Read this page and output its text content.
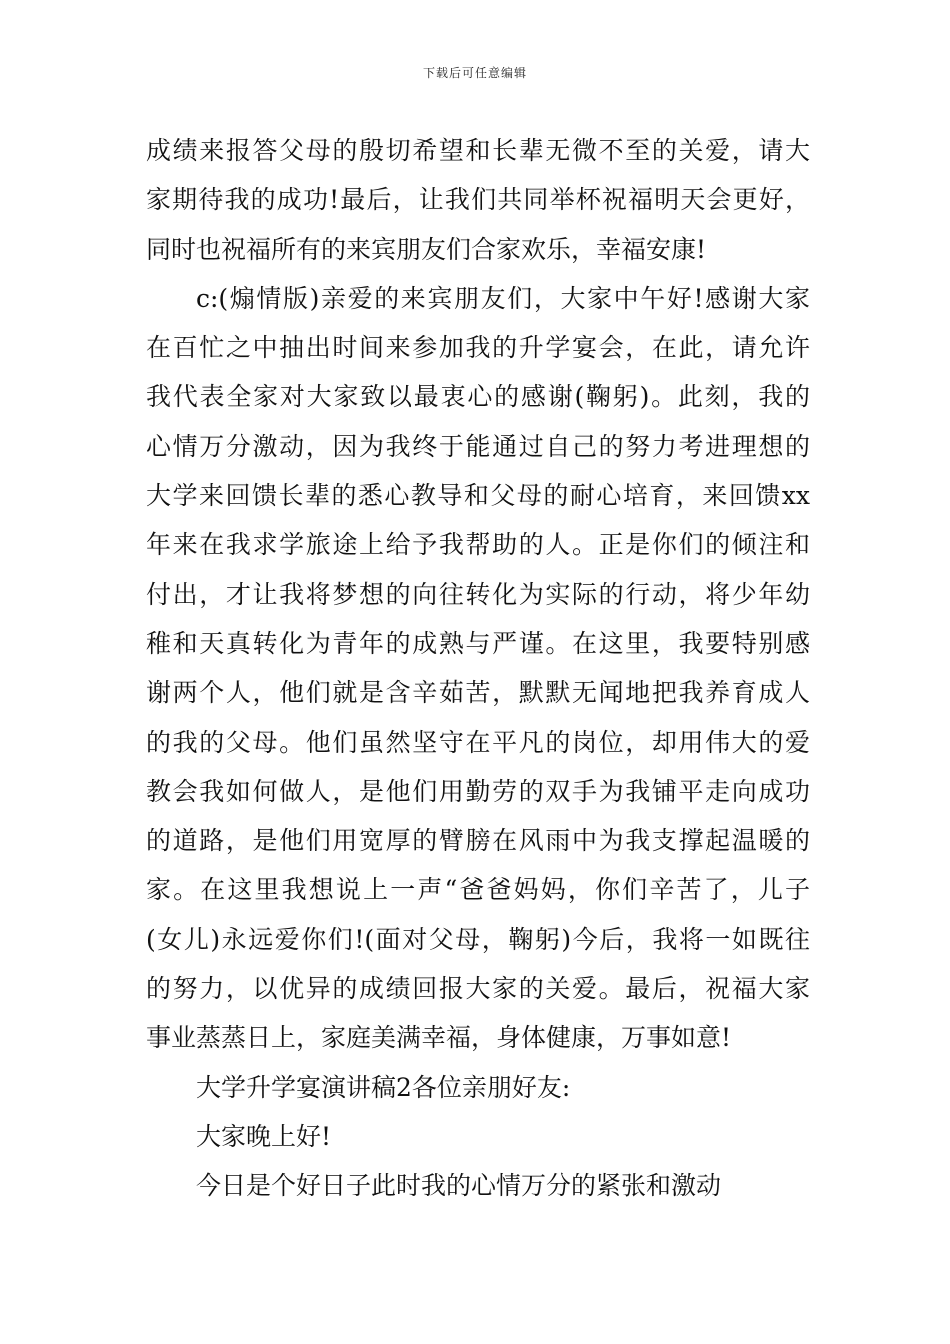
下载后可任意编辑
成绩来报答父母的殷切希望和长辈无微不至的关爱，请大
家期待我的成功!最后，让我们共同举杯祝福明天会更好，
同时也祝福所有的来宾朋友们合家欢乐，幸福安康!
c:(煽情版)亲爱的来宾朋友们，大家中午好!感谢大家
在百忙之中抽出时间来参加我的升学宴会，在此，请允许
我代表全家对大家致以最衷心的感谢(鞠躬)。此刻，我的
心情万分激动，因为我终于能通过自己的努力考进理想的
大学来回馈长辈的悉心教导和父母的耐心培育，来回馈xx
年来在我求学旅途上给予我帮助的人。正是你们的倾注和
付出，才让我将梦想的向往转化为实际的行动，将少年幼
稚和天真转化为青年的成熟与严谨。在这里，我要特别感
谢两个人，他们就是含辛茹苦，默默无闻地把我养育成人
的我的父母。他们虽然坚守在平凡的岗位，却用伟大的爱
教会我如何做人，是他们用勤劳的双手为我铺平走向成功
的道路，是他们用宽厚的臂膀在风雨中为我支撑起温暖的
家。在这里我想说上一声“爸爸妈妈，你们辛苦了，儿子
(女儿)永远爱你们!(面对父母，鞠躬)今后，我将一如既往
的努力，以优异的成绩回报大家的关爱。最后，祝福大家
事业蒸蒸日上，家庭美满幸福，身体健康，万事如意!
大学升学宴演讲稿2各位亲朋好友:
大家晚上好!
今日是个好日子此时我的心情万分的紧张和激动
